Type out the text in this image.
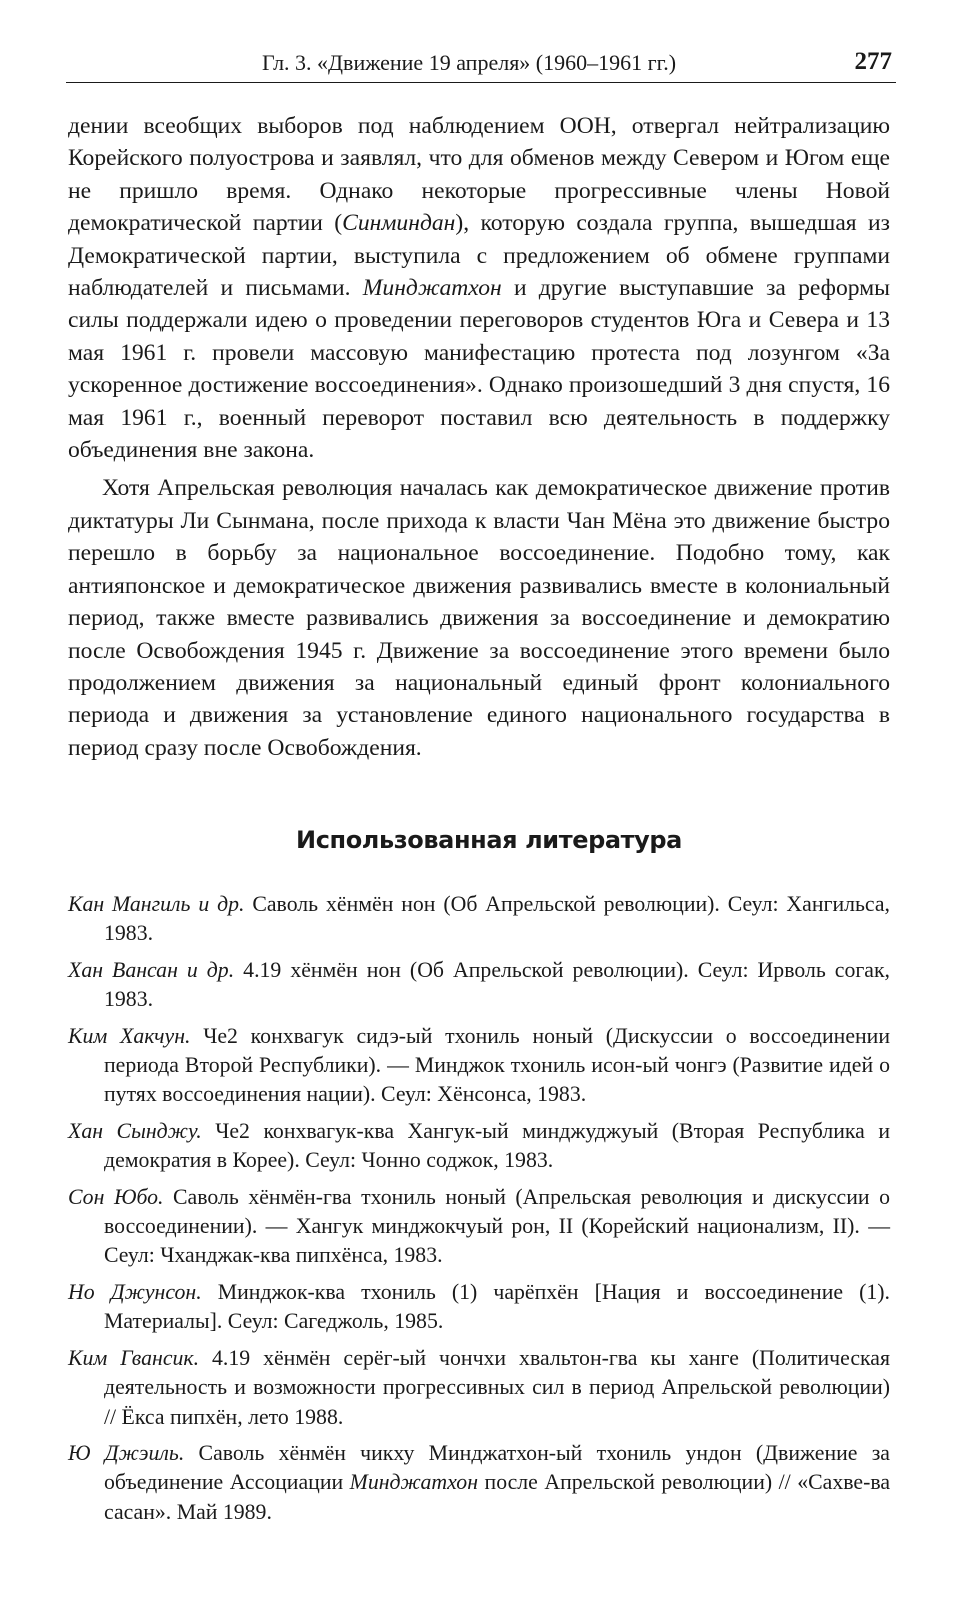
Гл. 3. «Движение 19 апреля» (1960–1961 гг.)	277

дении всеобщих выборов под наблюдением ООН, отвергал нейтрализацию Корейского полуострова и заявлял, что для обменов между Севером и Югом еще не пришло время. Однако некоторые прогрессивные члены Новой демократической партии (Синминдан), которую создала группа, вышедшая из Демократической партии, выступила с предложением об обмене группами наблюдателей и письмами. Минджатхон и другие выступавшие за реформы силы поддержали идею о проведении переговоров студентов Юга и Севера и 13 мая 1961 г. провели массовую манифестацию протеста под лозунгом «За ускоренное достижение воссоединения». Однако произошедший 3 дня спустя, 16 мая 1961 г., военный переворот поставил всю деятельность в поддержку объединения вне закона.

Хотя Апрельская революция началась как демократическое движение против диктатуры Ли Сынмана, после прихода к власти Чан Мёна это движение быстро перешло в борьбу за национальное воссоединение. Подобно тому, как антияпонское и демократическое движения развивались вместе в колониальный период, также вместе развивались движения за воссоединение и демократию после Освобождения 1945 г. Движение за воссоединение этого времени было продолжением движения за национальный единый фронт колониального периода и движения за установление единого национального государства в период сразу после Освобождения.

Использованная литература
Кан Мангиль и др. Саволь хёнмён нон (Об Апрельской революции). Сеул: Хангильса, 1983.
Хан Вансан и др. 4.19 хёнмён нон (Об Апрельской революции). Сеул: Ирволь согак, 1983.
Ким Хакчун. Че2 конхвагук сидэ-ый тхониль ноный (Дискуссии о воссоединении периода Второй Республики). — Минджок тхониль исон-ый чонгэ (Развитие идей о путях воссоединения нации). Сеул: Хёнсонса, 1983.
Хан Сынджу. Че2 конхвагук-ква Хангук-ый минджуджуый (Вторая Республика и демократия в Корее). Сеул: Чонно соджок, 1983.
Сон Юбо. Саволь хёнмён-гва тхониль ноный (Апрельская революция и дискуссии о воссоединении). — Хангук минджокчуый рон, II (Корейский национализм, II). — Сеул: Чханджак-ква пипхёнса, 1983.
Но Джунсон. Минджок-ква тхониль (1) чарёпхён [Нация и воссоединение (1). Материалы]. Сеул: Сагеджоль, 1985.
Ким Гвансик. 4.19 хёнмён серёг-ый чончхи хвальтон-гва кы ханге (Политическая деятельность и возможности прогрессивных сил в период Апрельской революции) // Ёкса пипхён, лето 1988.
Ю Джэиль. Саволь хёнмён чикху Минджатхон-ый тхониль ундон (Движение за объединение Ассоциации Минджатхон после Апрельской революции) // «Сахве-ва сасан». Май 1989.
